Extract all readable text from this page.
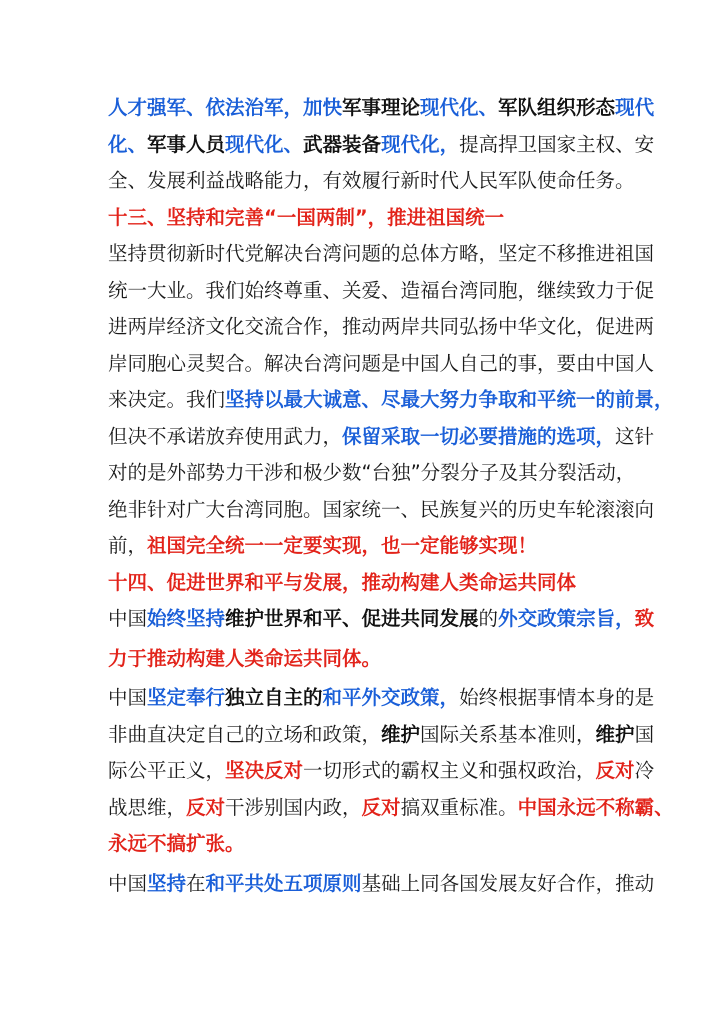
人才强军、依法治军，加快军事理论现代化、军队组织形态现代
化、军事人员现代化、武器装备现代化，提高捍卫国家主权、安
全、发展利益战略能力，有效履行新时代人民军队使命任务。
十三、坚持和完善“一国两制”，推进祖国统一
坚持贯彻新时代党解决台湾问题的总体方略，坚定不移推进祖国
统一大业。我们始终尊重、关爱、造福台湾同胞，继续致力于促
进两岸经济文化交流合作，推动两岸共同弘扬中华文化，促进两
岸同胞心灵契合。解决台湾问题是中国人自己的事，要由中国人
来决定。我们坚持以最大诚意、尽最大努力争取和平统一的前景，
但决不承诺放弃使用武力，保留采取一切必要措施的选项，这针
对的是外部势力干涉和极少数“台独”分裂分子及其分裂活动，
绝非针对广大台湾同胞。国家统一、民族复兴的历史车轮滚滚向
前，祖国完全统一一定要实现，也一定能够实现！
十四、促进世界和平与发展，推动构建人类命运共同体
中国始终坚持维护世界和平、促进共同发展的外交政策宗旨，致
力于推动构建人类命运共同体。
中国坚定奉行独立自主的和平外交政策，始终根据事情本身的是
非曲直决定自己的立场和政策，维护国际关系基本准则，维护国
际公平正义，坚决反对一切形式的霸权主义和强权政治，反对冷
战思维，反对干涉别国内政，反对搞双重标准。中国永远不称霸、
永远不搞扩张。
中国坚持在和平共处五项原则基础上同各国发展友好合作，推动
